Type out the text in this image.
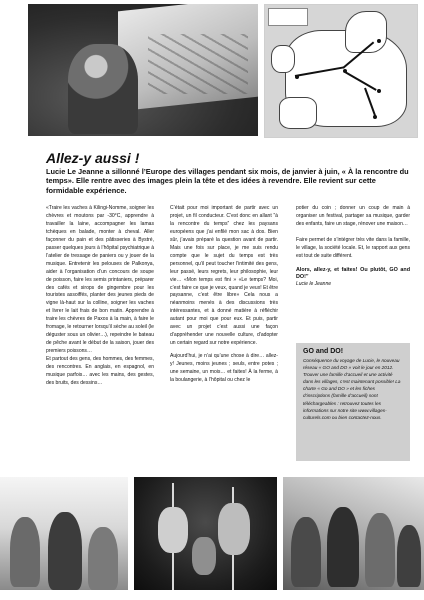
Allez-y aussi !

Lucie Le Jeanne a sillonné l’Europe des villages pendant six mois, de janvier à juin, « À la rencontre du temps». Elle rentre avec des images plein la tête et des idées à revendre. Elle revient sur cette formidable expérience.

«Traire les vaches à Kilingi-Nomme, soigner les chèvres et moutons par -30°C, apprendre à travailler la laine, accompagner les lamas tchèques en balade, monter à cheval. Aller façonner du pain et des pâtisseries à Bystré, passer quelques jours à l’hôpital psychiatrique à l’atelier de tressage de paniers ou y jouer de la musique. Entretenir les pelouses de Palkonya, aider à l’organisation d’un concours de soupe de poisson, faire les semis printaniers, préparer des cafés et sirops de gingembre pour les touristes assoiffés, planter des jeunes pieds de vigne là-haut sur la colline, soigner les vaches et livrer le lait frais de bon matin. Apprendre à traire les chèvres de Paxos à la main, à faire le fromage, le retourner lorsqu’il sèche au soleil (le déguster sous un olivier…), repeindre le bateau de pêche avant le début de la saison, jouer des premiers poissons…

Et partout des gens, des hommes, des femmes, des rencontres. En anglais, en espagnol, en musique parfois… avec les mains, des gestes, des bruits, des dessins…

C’était pour moi important de partir avec un projet, un fil conducteur. C’est donc en allant “à la rencontre du temps” chez les paysans européens que j’ai enfilé mon sac à dos. Bien sûr, j’avais préparé la question avant de partir. Mais une fois sur place, je me suis rendu compte que le sujet du temps est très personnel, qu’il peut toucher l’intimité des gens, leur passé, leurs regrets, leur philosophie, leur vie… «Mon temps est fini » «Le temps? Moi, c’est faire ce que je veux, quand je veux! Et être paysanne, c’est être libre» Cela nous a néanmoins menés à des discussions très intéressantes, et à donné matière à réfléchir autant pour moi que pour eux. Et puis, partir avec un projet c’est aussi une façon d’appréhender une nouvelle culture, d’adopter un certain regard sur notre expérience.

Aujourd’hui, je n’ai qu’une chose à dire… allez-y! Jeunes, moins jeunes ; seuls, entre potes ; une semaine, un mois… et faites! À la ferme, à la boulangerie, à l’hôpital ou chez le

potier du coin ; donner un coup de main à organiser un festival, partager sa musique, garder des enfants, faire un stage, rénover une maison…

Faire permet de s’intégrer très vite dans la famille, le village, la société locale. Et, le rapport aux gens est tout de suite différent.

Alors, allez-y, et faites! Ou plutôt, GO and DO!”

Lucie le Jeanne

GO and DO!

Conséquence du voyage de Lucie, le nouveau réseau « GO and DO » voit le jour en 2012. Trouver une famille d’accueil et une activité dans les villages, c’est maintenant possible! La charte « Go and DO » et les fiches d’inscriptions (famille d’accueil) sont téléchargeables : retrouvez toutes les informations sur notre site www.villages-culturels.com ou bien contactez-nous.
